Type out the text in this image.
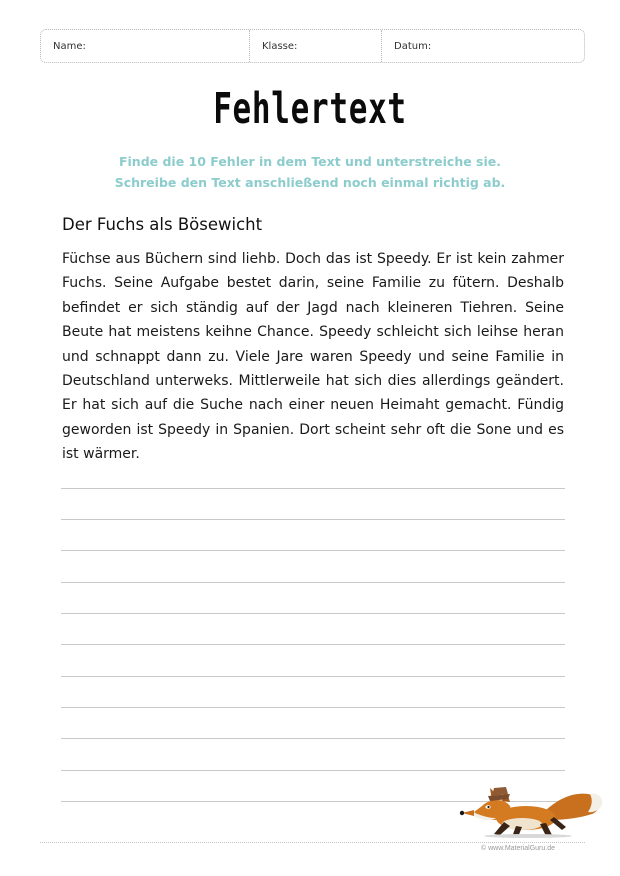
Name:	Klasse:	Datum:
Fehlertext
Finde die 10 Fehler in dem Text und unterstreiche sie.
Schreibe den Text anschließend noch einmal richtig ab.
Der Fuchs als Bösewicht
Füchse aus Büchern sind liehb. Doch das ist Speedy. Er ist kein zahmer Fuchs. Seine Aufgabe bestet darin, seine Familie zu fütern. Deshalb befindet er sich ständig auf der Jagd nach kleineren Tiehren. Seine Beute hat meistens keihne Chance. Speedy schleicht sich leihse heran und schnappt dann zu. Viele Jare waren Speedy und seine Familie in Deutschland unterweks. Mittlerweile hat sich dies allerdings geändert. Er hat sich auf die Suche nach einer neuen Heimaht gemacht. Fündig geworden ist Speedy in Spanien. Dort scheint sehr oft die Sone und es ist wärmer.
© www.MaterialGuru.de
